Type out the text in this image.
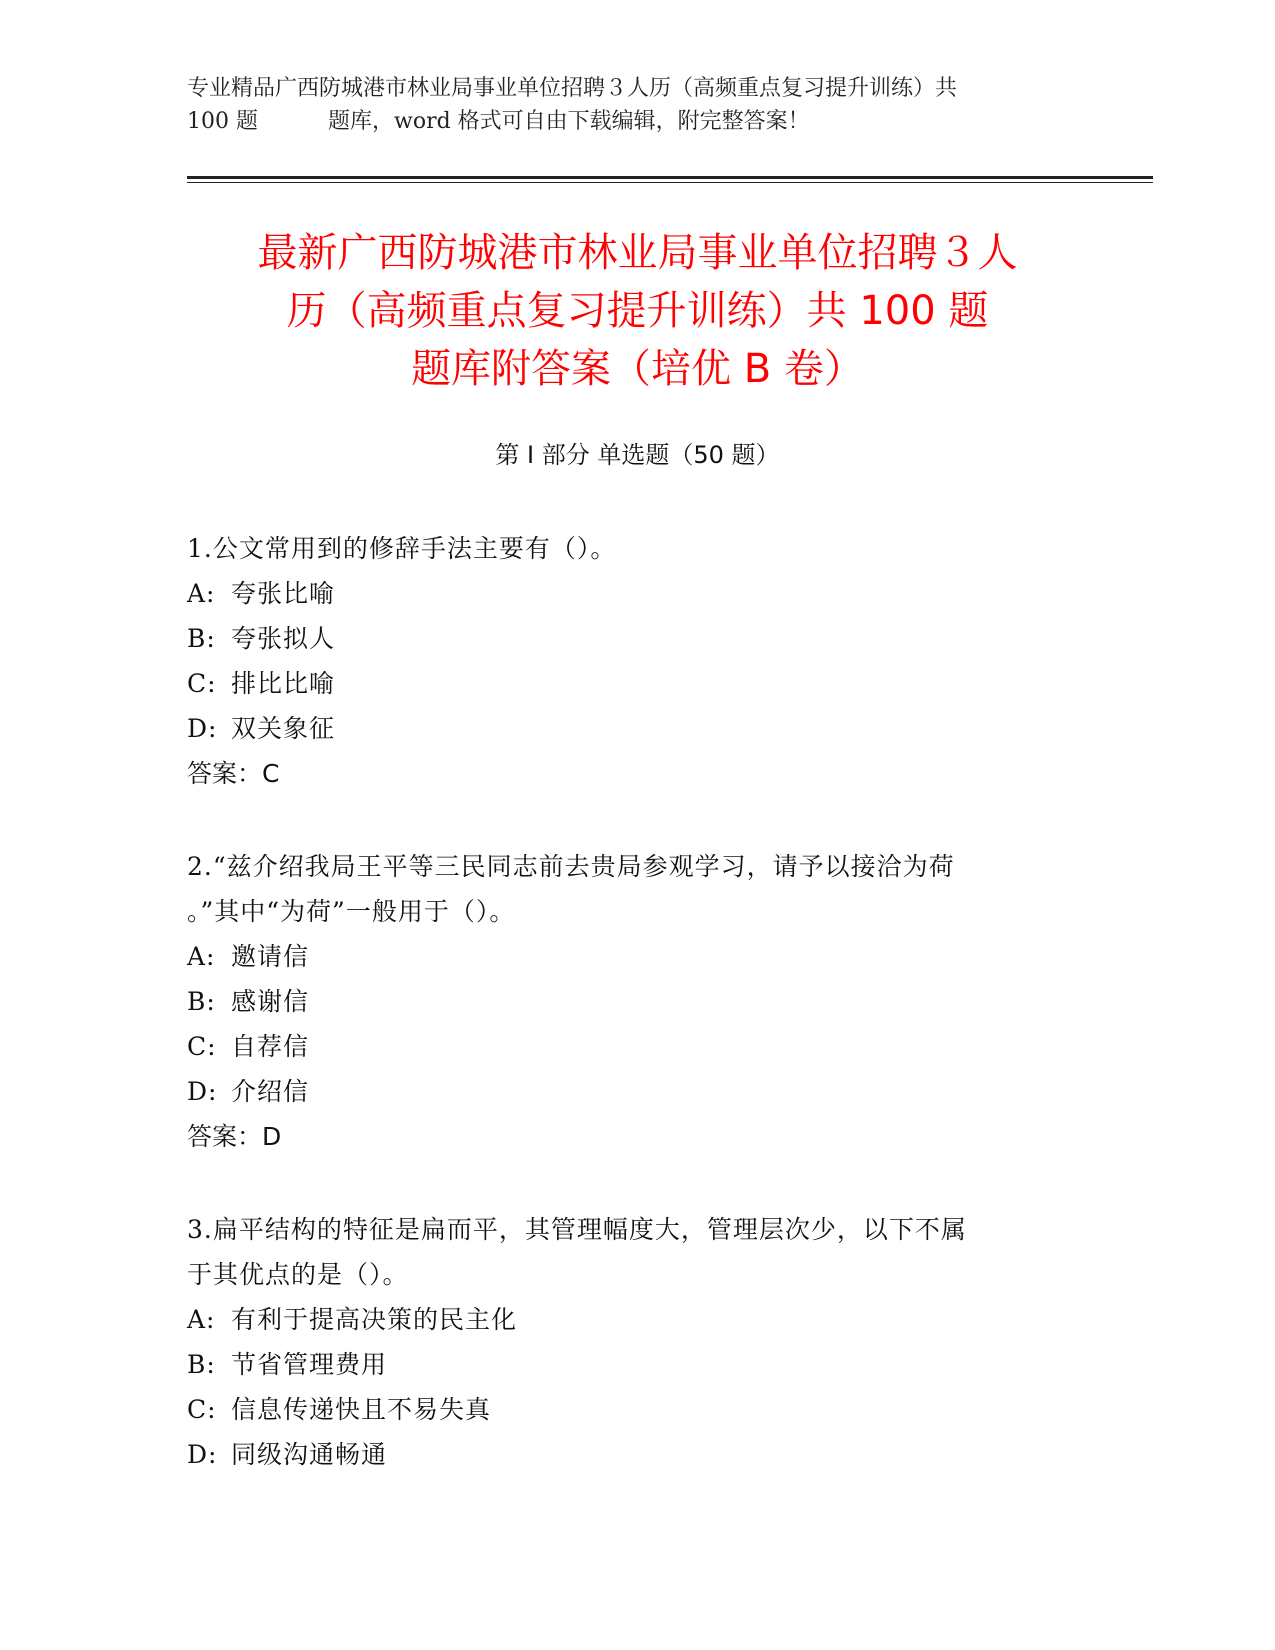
专业精品广西防城港市林业局事业单位招聘３人历（高频重点复习提升训练）共

100 题	题库，word 格式可自由下载编辑，附完整答案！
最新广西防城港市林业局事业单位招聘３人
历（高频重点复习提升训练）共 100 题
题库附答案（培优 B 卷）
第 I 部分 单选题（50 题）

1.公文常用到的修辞手法主要有（）。

A: 夸张比喻

B: 夸张拟人

C: 排比比喻

D: 双关象征

答案：C

2.“兹介绍我局王平等三民同志前去贵局参观学习，请予以接洽为荷

。”其中“为荷”一般用于（）。

A: 邀请信

B: 感谢信

C: 自荐信

D: 介绍信

答案：D

3.扁平结构的特征是扁而平，其管理幅度大，管理层次少，以下不属

于其优点的是（）。

A: 有利于提高决策的民主化

B: 节省管理费用

C: 信息传递快且不易失真

D: 同级沟通畅通
